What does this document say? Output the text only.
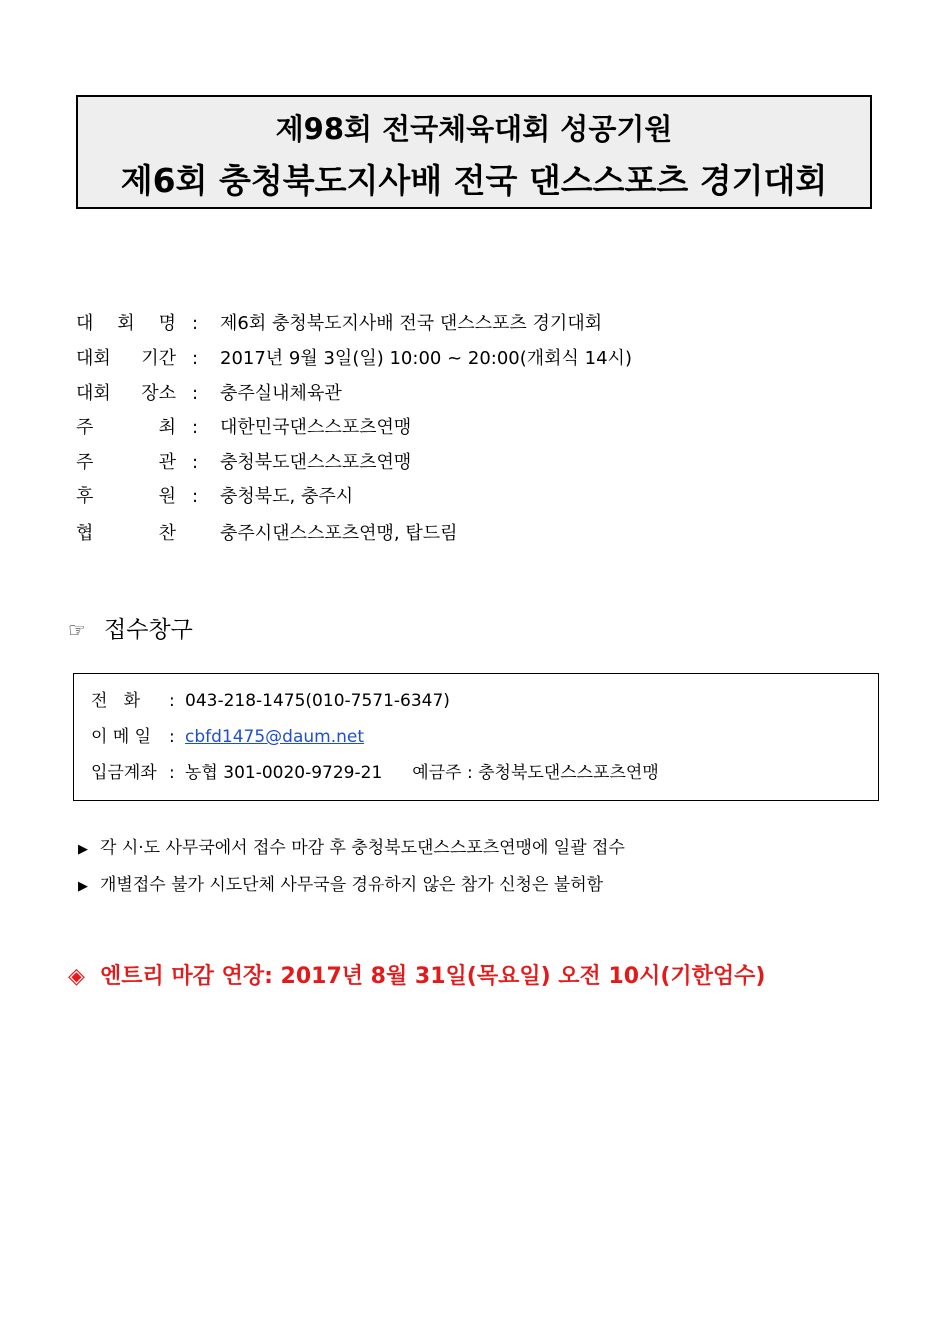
제98회 전국체육대회 성공기원
제6회 충청북도지사배 전국 댄스스포츠 경기대회
대 회 명 : 제6회 충청북도지사배 전국 댄스스포츠 경기대회
대회 기간 : 2017년 9월 3일(일) 10:00 ~ 20:00(개회식 14시)
대회 장소 : 충주실내체육관
주	최 : 대한민국댄스스포츠연맹
주	관 : 충청북도댄스스포츠연맹
후	원 : 충청북도, 충주시
협	찬 충주시댄스스포츠연맹, 탑드림
☞ 접수창구
전   화 : 043-218-1475(010-7571-6347)
이 메 일 : cbfd1475@daum.net
입금계좌 : 농협 301-0020-9729-21 예금주 : 충청북도댄스스포츠연맹
▶ 각 시·도 사무국에서 접수 마감 후 충청북도댄스스포츠연맹에 일괄 접수
▶ 개별접수 불가 시도단체 사무국을 경유하지 않은 참가 신청은 불허함
◈ 엔트리 마감 연장: 2017년 8월 31일(목요일) 오전 10시(기한엄수)
